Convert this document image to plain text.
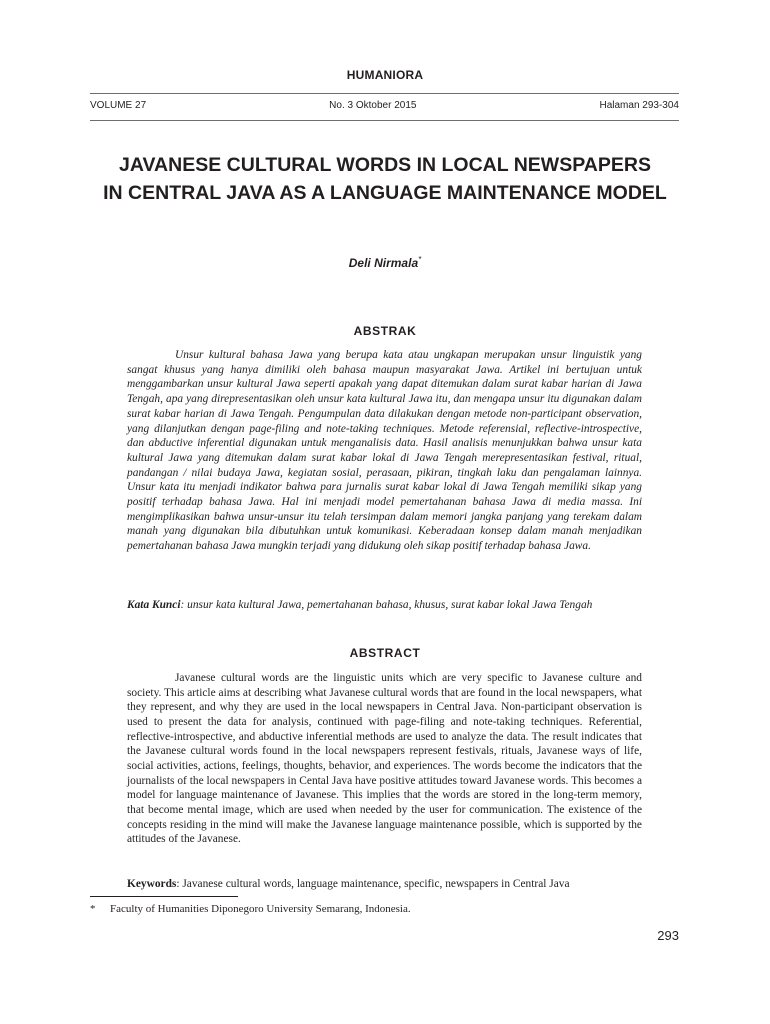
HUMANIORA
VOLUME 27	No. 3 Oktober 2015	Halaman 293-304
JAVANESE CULTURAL WORDS IN LOCAL NEWSPAPERS
IN CENTRAL JAVA AS A LANGUAGE MAINTENANCE MODEL
Deli Nirmala*
ABSTRAK

Unsur kultural bahasa Jawa yang berupa kata atau ungkapan merupakan unsur linguistik yang sangat khusus yang hanya dimiliki oleh bahasa maupun masyarakat Jawa. Artikel ini bertujuan untuk menggambarkan unsur kultural Jawa seperti apakah yang dapat ditemukan dalam surat kabar harian di Jawa Tengah, apa yang direpresentasikan oleh unsur kata kultural Jawa itu, dan mengapa unsur itu digunakan dalam surat kabar harian di Jawa Tengah. Pengumpulan data dilakukan dengan metode non-participant observation, yang dilanjutkan dengan page-filing and note-taking techniques. Metode referensial, reflective-introspective, dan abductive inferential digunakan untuk menganalisis data. Hasil analisis menunjukkan bahwa unsur kata kultural Jawa yang ditemukan dalam surat kabar lokal di Jawa Tengah merepresentasikan festival, ritual, pandangan / nilai budaya Jawa, kegiatan sosial, perasaan, pikiran, tingkah laku dan pengalaman lainnya. Unsur kata itu menjadi indikator bahwa para jurnalis surat kabar lokal di Jawa Tengah memiliki sikap yang positif terhadap bahasa Jawa. Hal ini menjadi model pemertahanan bahasa Jawa di media massa. Ini mengimplikasikan bahwa unsur-unsur itu telah tersimpan dalam memori jangka panjang yang terekam dalam manah yang digunakan bila dibutuhkan untuk komunikasi. Keberadaan konsep dalam manah menjadikan pemertahanan bahasa Jawa mungkin terjadi yang didukung oleh sikap positif terhadap bahasa Jawa.

Kata Kunci: unsur kata kultural Jawa, pemertahanan bahasa, khusus, surat kabar lokal Jawa Tengah

ABSTRACT

Javanese cultural words are the linguistic units which are very specific to Javanese culture and society. This article aims at describing what Javanese cultural words that are found in the local newspapers, what they represent, and why they are used in the local newspapers in Central Java. Non-participant observation is used to present the data for analysis, continued with page-filing and note-taking techniques. Referential, reflective-introspective, and abductive inferential methods are used to analyze the data. The result indicates that the Javanese cultural words found in the local newspapers represent festivals, rituals, Javanese ways of life, social activities, actions, feelings, thoughts, behavior, and experiences. The words become the indicators that the journalists of the local newspapers in Cental Java have positive attitudes toward Javanese words. This becomes a model for language maintenance of Javanese. This implies that the words are stored in the long-term memory, that become mental image, which are used when needed by the user for communication. The existence of the concepts residing in the mind will make the Javanese language maintenance possible, which is supported by the attitudes of the Javanese.

Keywords: Javanese cultural words, language maintenance, specific, newspapers in Central Java

*	Faculty of Humanities Diponegoro University Semarang, Indonesia.
293
